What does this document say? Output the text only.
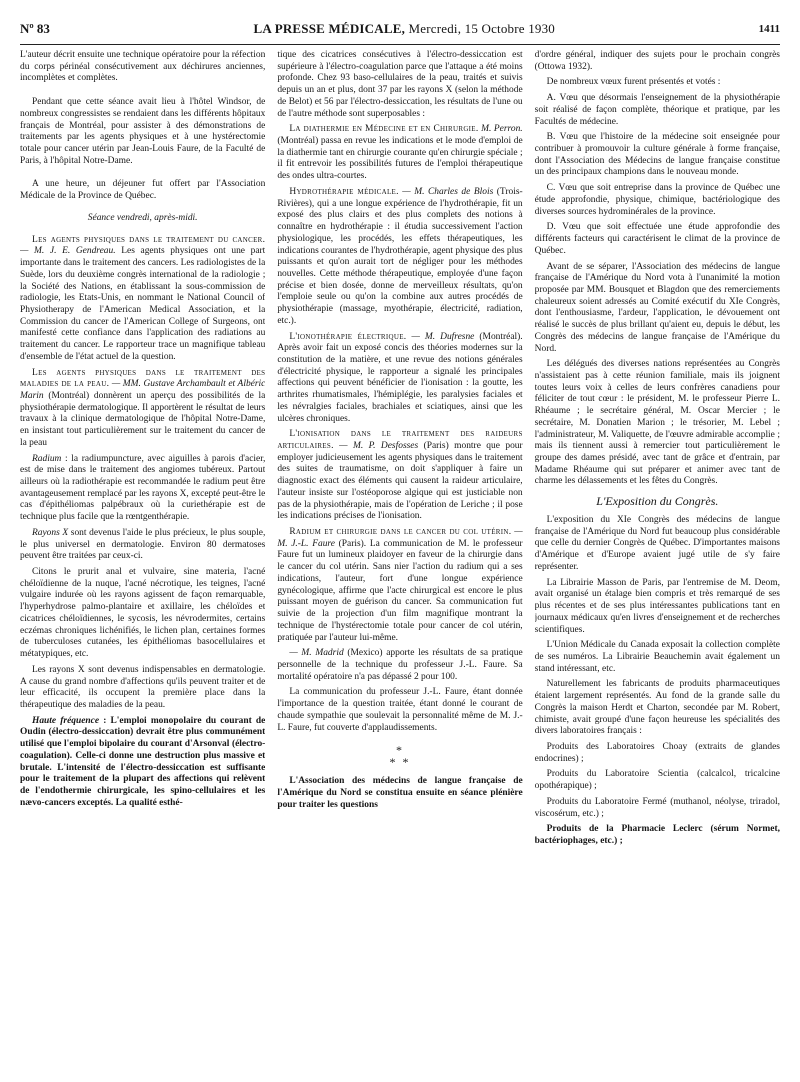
Nº 83	LA PRESSE MÉDICALE, Mercredi, 15 Octobre 1930	1411

L'auteur décrit ensuite une technique opératoire pour la réfection du corps périnéal consécutivement aux déchirures anciennes, incomplètes et complètes.

Pendant que cette séance avait lieu à l'hôtel Windsor, de nombreux congressistes se rendaient dans les différents hôpitaux français de Montréal, pour assister à des démonstrations de traitements par les agents physiques et à une hystérectomie totale pour cancer utérin par Jean-Louis Faure, de la Faculté de Paris, à l'hôpital Notre-Dame.

A une heure, un déjeuner fut offert par l'Association Médicale de la Province de Québec.

Séance vendredi, après-midi.

Les agents physiques dans le traitement du cancer. — M. J. E. Gendreau. Les agents physiques ont une part importante dans le traitement des cancers. Les radiologistes de la Suède, lors du deuxième congrès international de la radiologie ; la Société des Nations, en établissant la sous-commission de radiologie, les Etats-Unis, en nommant le National Council of Physiotherapy de l'American Medical Association, et la Commission du cancer de l'American College of Surgeons, ont manifesté cette confiance dans l'application des radiations au traitement du cancer. Le rapporteur trace un magnifique tableau d'ensemble de l'état actuel de la question.

Les agents physiques dans le traitement des maladies de la peau. — MM. Gustave Archambault et Albéric Marin (Montréal) donnèrent un aperçu des possibilités de la physiothérapie dermatologique. Il apportèrent le résultat de leurs travaux à la clinique dermatologique de l'hôpital Notre-Dame, en insistant tout particulièrement sur le traitement du cancer de la peau

Radium : la radiumpuncture, avec aiguilles à parois d'acier, est de mise dans le traitement des angiomes tubéreux. Partout ailleurs où la radiothérapie est recommandée le radium peut être avantageusement remplacé par les rayons X, excepté peut-être le cas d'épithéliomas palpébraux où la curiethérapie est de technique plus facile que la rœntgenthérapie.

Rayons X sont devenus l'aide le plus précieux, le plus souple, le plus universel en dermatologie. Environ 80 dermatoses peuvent être traitées par ceux-ci.

Citons le prurit anal et vulvaire, sine materia, l'acné chéloïdienne de la nuque, l'acné nécrotique, les teignes, l'acné vulgaire indurée où les rayons agissent de façon remarquable, l'hyperhydrose palmo-plantaire et axillaire, les chéloïdes et cicatrices chéloïdiennes, le sycosis, les névrodermites, certains eczémas chroniques lichénifiés, le lichen plan, certaines formes de tuberculoses cutanées, les épithéliomas basocellulaires et métatypiques, etc.

Les rayons X sont devenus indispensables en dermatologie. A cause du grand nombre d'affections qu'ils peuvent traiter et de leur efficacité, ils occupent la première place dans la thérapeutique des maladies de la peau.

Haute fréquence : L'emploi monopolaire du courant de Oudin (électro-dessiccation) devrait être plus communément utilisé que l'emploi bipolaire du courant d'Arsonval (électro-coagulation). Celle-ci donne une destruction plus massive et brutale. L'intensité de l'électro-dessiccation est suffisante pour le traitement de la plupart des affections qui relèvent de l'endothermie chirurgicale, les spino-cellulaires et les nævo-cancers exceptés. La qualité esthé-

tique des cicatrices consécutives à l'électro-dessiccation est supérieure à l'électro-coagulation parce que l'attaque a été moins profonde. Chez 93 baso-cellulaires de la peau, traités et suivis depuis un an et plus, dont 37 par les rayons X (selon la méthode de Belot) et 56 par l'électro-dessiccation, les résultats de l'une ou de l'autre méthode sont superposables :

La diathermie en Médecine et en Chirurgie. M. Perron. (Montréal) passa en revue les indications et le mode d'emploi de la diathermie tant en chirurgie courante qu'en chirurgie spéciale ; il fit entrevoir les possibilités futures de l'emploi thérapeutique des ondes ultra-courtes.

Hydrothérapie médicale. — M. Charles de Blois (Trois-Rivières), qui a une longue expérience de l'hydrothérapie, fit un exposé des plus clairs et des plus complets des notions à connaître en hydrothérapie : il étudia successivement l'action physiologique, les procédés, les effets thérapeutiques, les indications courantes de l'hydrothérapie, agent physique des plus puissants et qu'on aurait tort de négliger pour les méthodes nouvelles. Cette méthode thérapeutique, employée d'une façon précise et bien dosée, donne de merveilleux résultats, qu'on l'emploie seule ou qu'on la combine aux autres procédés de physiothérapie (massage, myothérapie, électricité, radiation, etc.).

L'ionothérapie électrique. — M. Dufresne (Montréal). Après avoir fait un exposé concis des théories modernes sur la constitution de la matière, et une revue des notions générales d'électricité physique, le rapporteur a signalé les principales affections qui peuvent bénéficier de l'ionisation : la goutte, les arthrites rhumatismales, l'hémiplégie, les paralysies faciales et les névralgies faciales, brachiales et sciatiques, ainsi que les ulcères chroniques.

L'ionisation dans le traitement des raideurs articulaires. — M. P. Desfosses (Paris) montre que pour employer judicieusement les agents physiques dans le traitement des suites de traumatisme, on doit s'appliquer à faire un diagnostic exact des éléments qui causent la raideur articulaire, l'auteur insiste sur l'ostéoporose algique qui est justiciable non pas de la physiothérapie, mais de l'opération de Leriche ; il pose les indications précises de l'ionisation.

Radium et chirurgie dans le cancer du col utérin. — M. J.-L. Faure (Paris). La communication de M. le professeur Faure fut un lumineux plaidoyer en faveur de la chirurgie dans le cancer du col utérin. Sans nier l'action du radium qui a ses indications, l'auteur, fort d'une longue expérience gynécologique, affirme que l'acte chirurgical est encore le plus puissant moyen de guérison du cancer. Sa communication fut suivie de la projection d'un film magnifique montrant la technique de l'hystérectomie totale pour cancer de col utérin, pratiquée par l'auteur lui-même.

— M. Madrid (Mexico) apporte les résultats de sa pratique personnelle de la technique du professeur J.-L. Faure. Sa mortalité opératoire n'a pas dépassé 2 pour 100.

La communication du professeur J.-L. Faure, étant donnée l'importance de la question traitée, étant donné le courant de chaude sympathie que soulevait la personnalité même de M. J.-L. Faure, fut couverte d'applaudissements.

*
* *

L'Association des médecins de langue française de l'Amérique du Nord se constitua ensuite en séance plénière pour traiter les questions

d'ordre général, indiquer des sujets pour le prochain congrès (Ottowa 1932).

De nombreux vœux furent présentés et votés :

A. Vœu que désormais l'enseignement de la physiothérapie soit réalisé de façon complète, théorique et pratique, par les Facultés de médecine.

B. Vœu que l'histoire de la médecine soit enseignée pour contribuer à promouvoir la culture générale à forme française, dont l'Association des Médecins de langue française constitue un des principaux champions dans le nouveau monde.

C. Vœu que soit entreprise dans la province de Québec une étude approfondie, physique, chimique, bactériologique des diverses sources hydrominérales de la province.

D. Vœu que soit effectuée une étude approfondie des différents facteurs qui caractérisent le climat de la province de Québec.

Avant de se séparer, l'Association des médecins de langue française de l'Amérique du Nord vota à l'unanimité la motion proposée par MM. Bousquet et Blagdon que des remerciements chaleureux soient adressés au Comité exécutif du XIe Congrès, dont l'enthousiasme, l'ardeur, l'application, le dévouement ont réalisé le succès de plus brillant qu'aient eu, depuis le début, les Congrès des médecins de langue française de l'Amérique du Nord.

Les délégués des diverses nations représentées au Congrès n'assistaient pas à cette réunion familiale, mais ils joignent toutes leurs voix à celles de leurs confrères canadiens pour féliciter de tout cœur : le président, M. le professeur Pierre L. Rhéaume ; le secrétaire général, M. Oscar Mercier ; le secrétaire, M. Donatien Marion ; le trésorier, M. Lebel ; l'administrateur, M. Valiquette, de l'œuvre admirable accomplie ; mais ils tiennent aussi à remercier tout particulièrement le groupe des dames présidé, avec tant de grâce et d'entrain, par Madame Rhéaume qui sut préparer et animer avec tant de charme les délassements et les fêtes du Congrès.

L'Exposition du Congrès.

L'exposition du XIe Congrès des médecins de langue française de l'Amérique du Nord fut beaucoup plus considérable que celle du dernier Congrès de Québec. D'importantes maisons d'Amérique et d'Europe avaient jugé utile de s'y faire représenter.

La Librairie Masson de Paris, par l'entremise de M. Deom, avait organisé un étalage bien compris et très remarqué de ses plus récentes et de ses plus intéressantes publications tant en journaux médicaux qu'en livres d'enseignement et de recherches scientifiques.

L'Union Médicale du Canada exposait la collection complète de ses numéros. La Librairie Beauchemin avait également un stand intéressant, etc.

Naturellement les fabricants de produits pharmaceutiques étaient largement représentés. Au fond de la grande salle du Congrès la maison Herdt et Charton, secondée par M. Robert, chimiste, avait groupé d'une façon heureuse les spécialités des divers laboratoires français :

Produits des Laboratoires Choay (extraits de glandes endocrines) ;

Produits du Laboratoire Scientia (calcalcol, tricalcine opothérapique) ;

Produits du Laboratoire Fermé (muthanol, néolyse, triradol, viscosérum, etc.) ;

Produits de la Pharmacie Leclerc (sérum Normet, bactériophages, etc.) ;
